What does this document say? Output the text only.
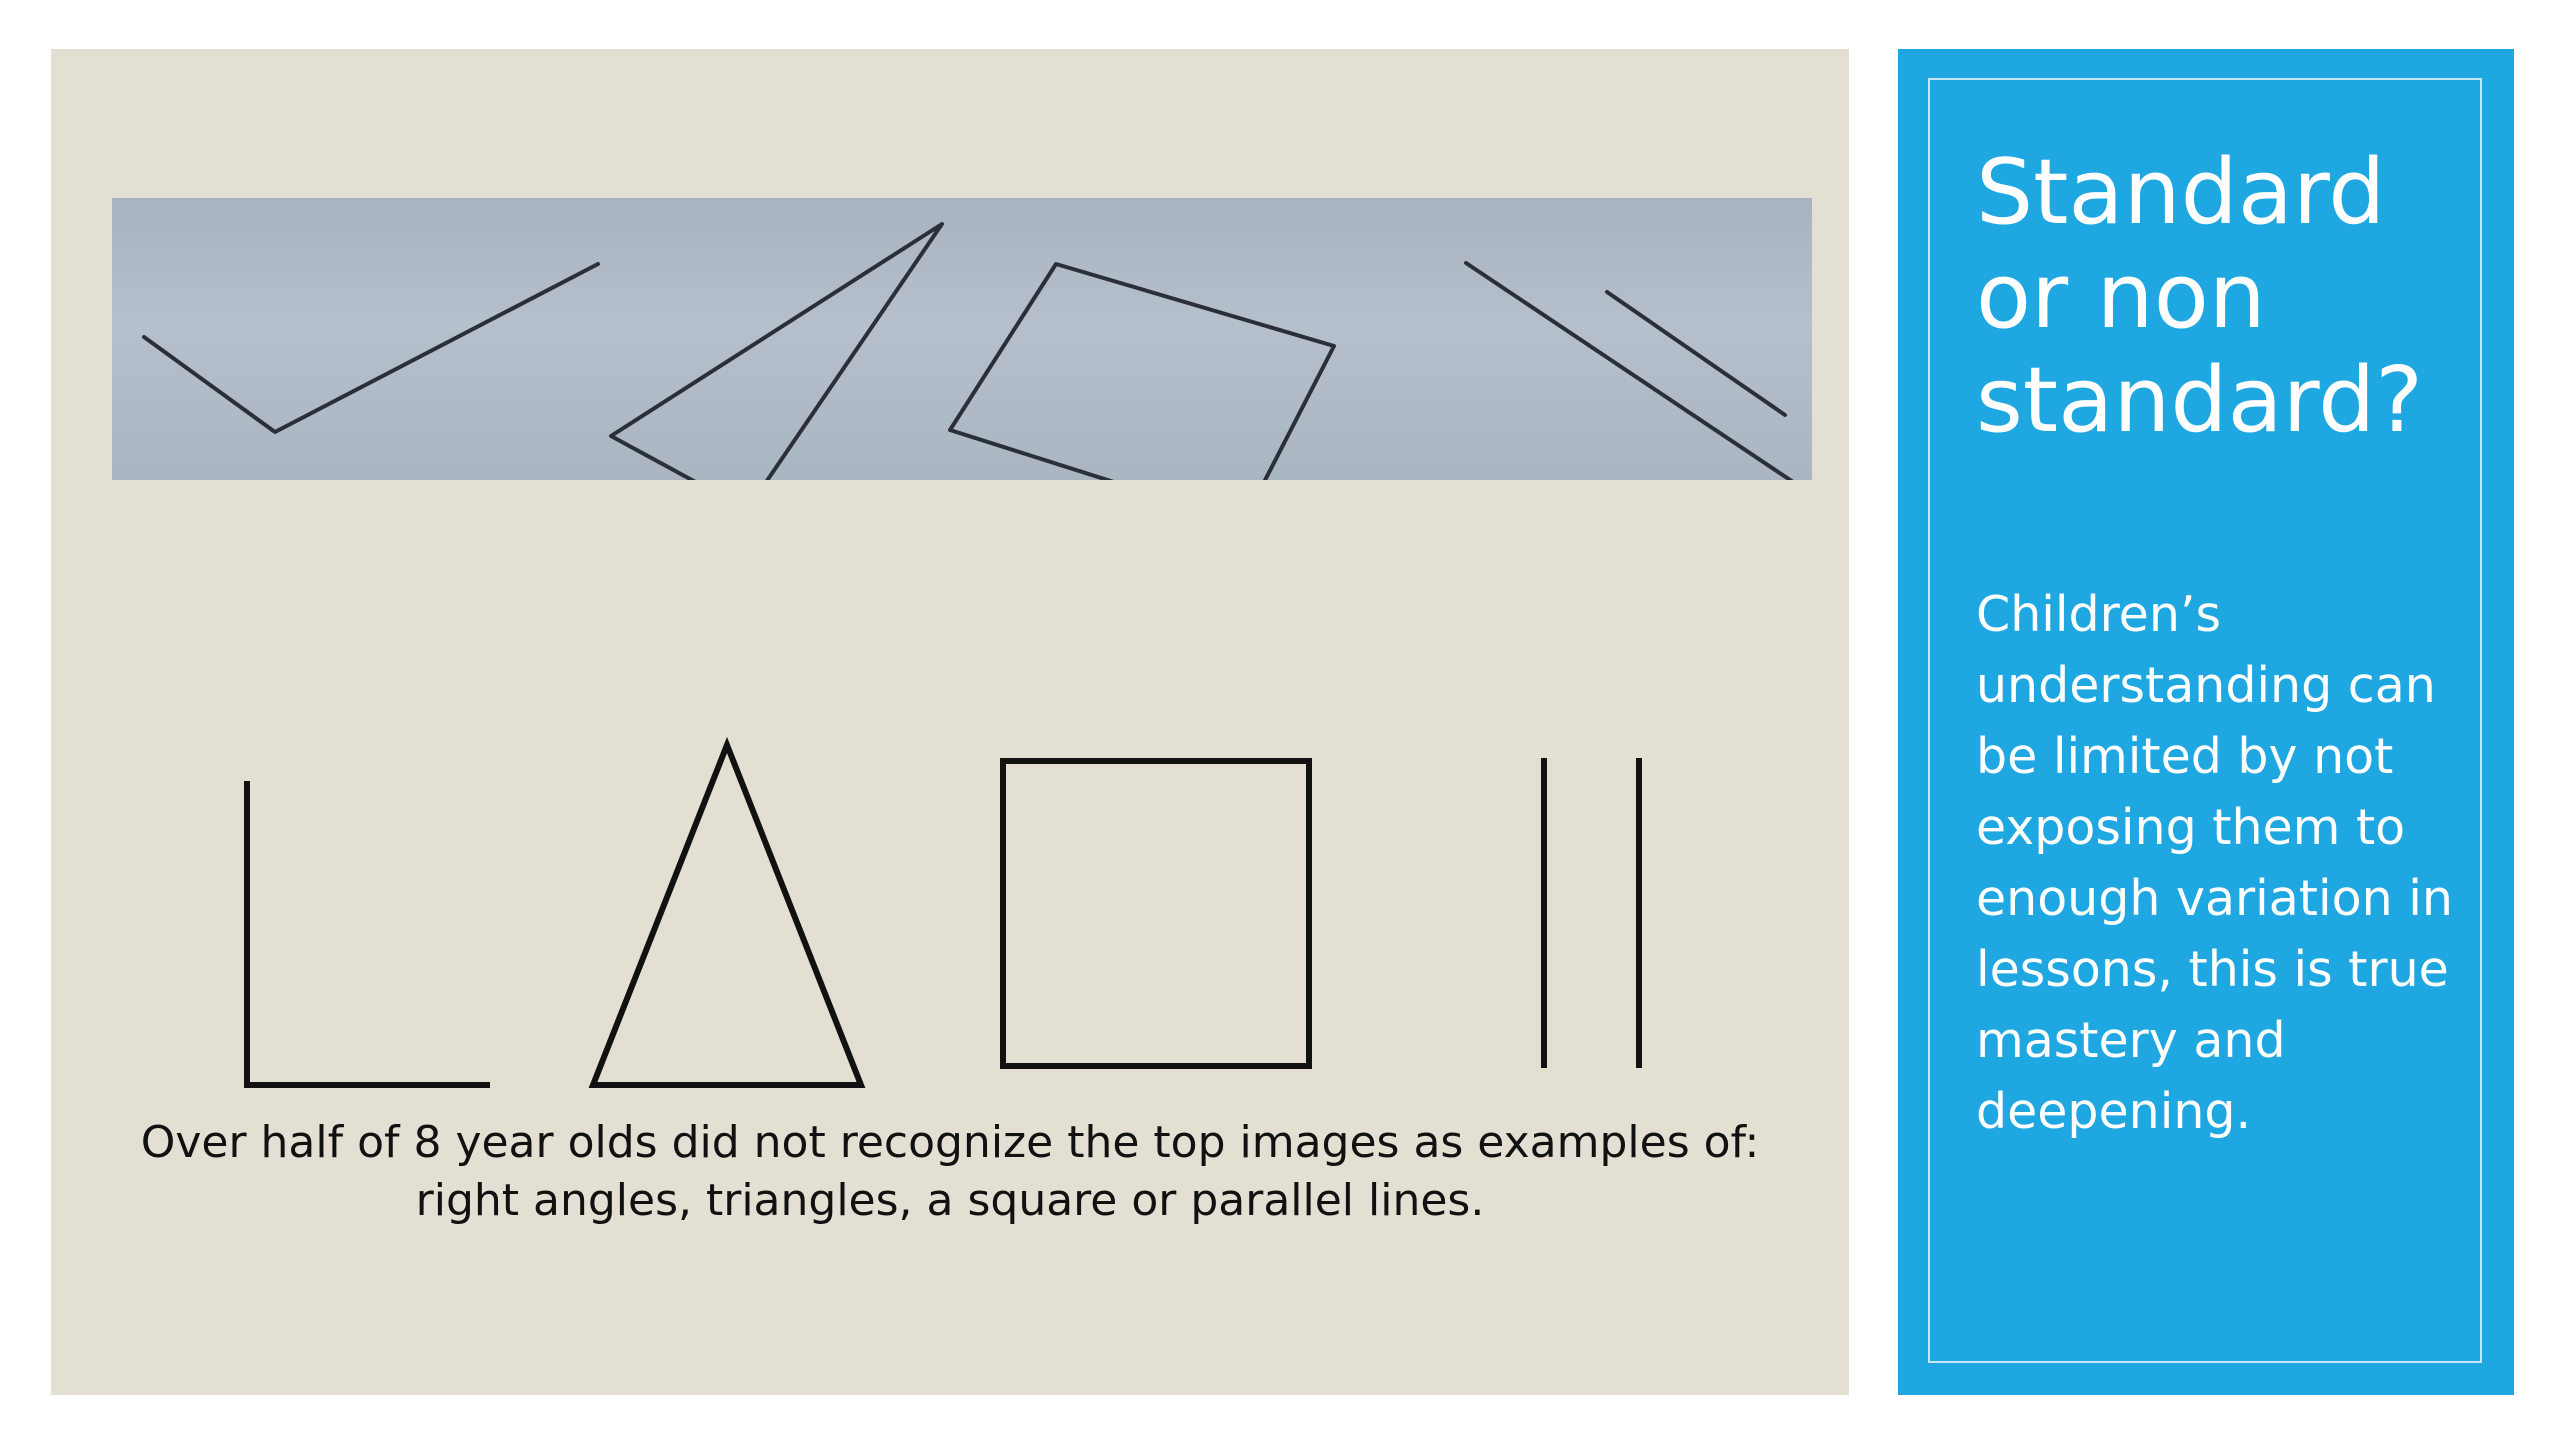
Over half of 8 year olds did not recognize the top images as examples of: right angles, triangles, a square or parallel lines.

Standard or non standard?

Children’s understanding can be limited by not exposing them to enough variation in lessons, this is true mastery and deepening.
